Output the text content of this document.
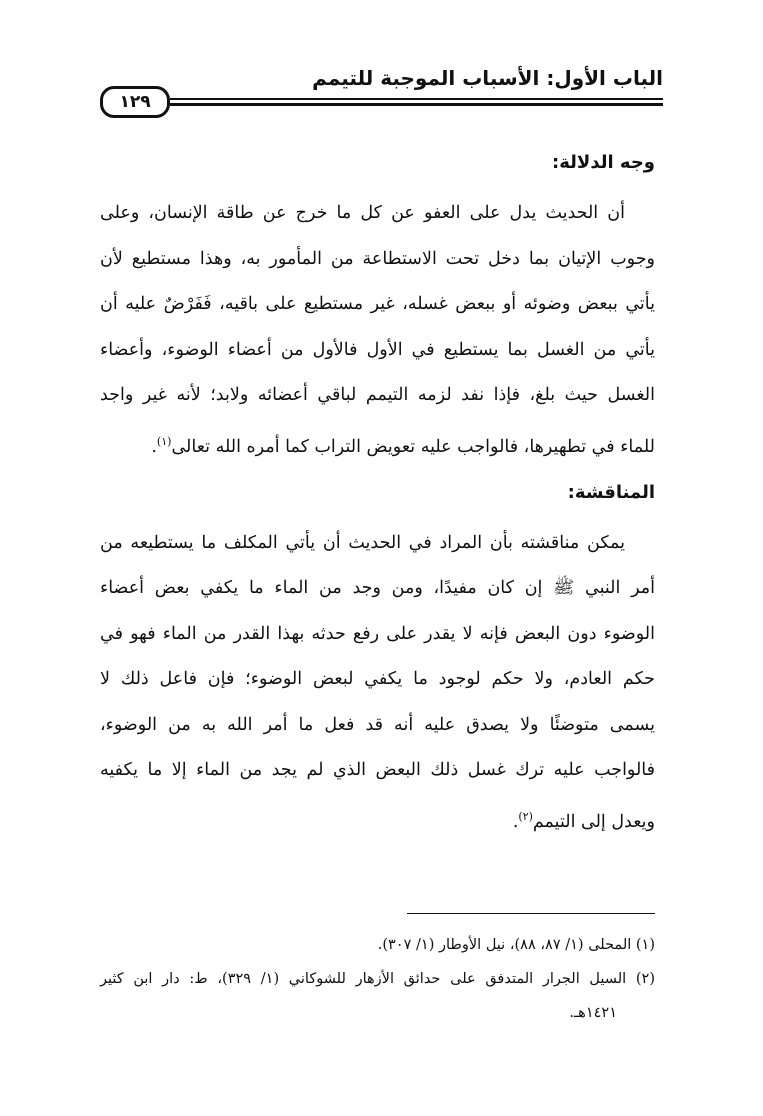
الباب الأول: الأسباب الموجبة للتيمم
١٢٩
وجه الدلالة:
أن الحديث يدل على العفو عن كل ما خرج عن طاقة الإنسان، وعلى
وجوب الإتيان بما دخل تحت الاستطاعة من المأمور به، وهذا مستطيع لأن
يأتي ببعض وضوئه أو ببعض غسله، غير مستطيع على باقيه، فَفَرْضٌ عليه أن
يأتي من الغسل بما يستطيع في الأول فالأول من أعضاء الوضوء، وأعضاء
الغسل حيث بلغ، فإذا نفد لزمه التيمم لباقي أعضائه ولابد؛ لأنه غير واجد
للماء في تطهيرها، فالواجب عليه تعويض التراب كما أمره الله تعالى$^{(١)}$.
المناقشة:
يمكن مناقشته بأن المراد في الحديث أن يأتي المكلف ما يستطيعه من
أمر النبي ﷺ إن كان مفيدًا، ومن وجد من الماء ما يكفي بعض أعضاء
الوضوء دون البعض فإنه لا يقدر على رفع حدثه بهذا القدر من الماء فهو في
حكم العادم، ولا حكم لوجود ما يكفي لبعض الوضوء؛ فإن فاعل ذلك لا
يسمى متوضئًا ولا يصدق عليه أنه قد فعل ما أمر الله به من الوضوء،
فالواجب عليه ترك غسل ذلك البعض الذي لم يجد من الماء إلا ما يكفيه
ويعدل إلى التيمم$^{(٢)}$.
(١) المحلى (١/ ٨٧، ٨٨)، نيل الأوطار (١/ ٣٠٧).
(٢) السيل الجرار المتدفق على حدائق الأزهار للشوكاني (١/ ٣٢٩)، ط: دار ابن كثير
١٤٢١هـ.
